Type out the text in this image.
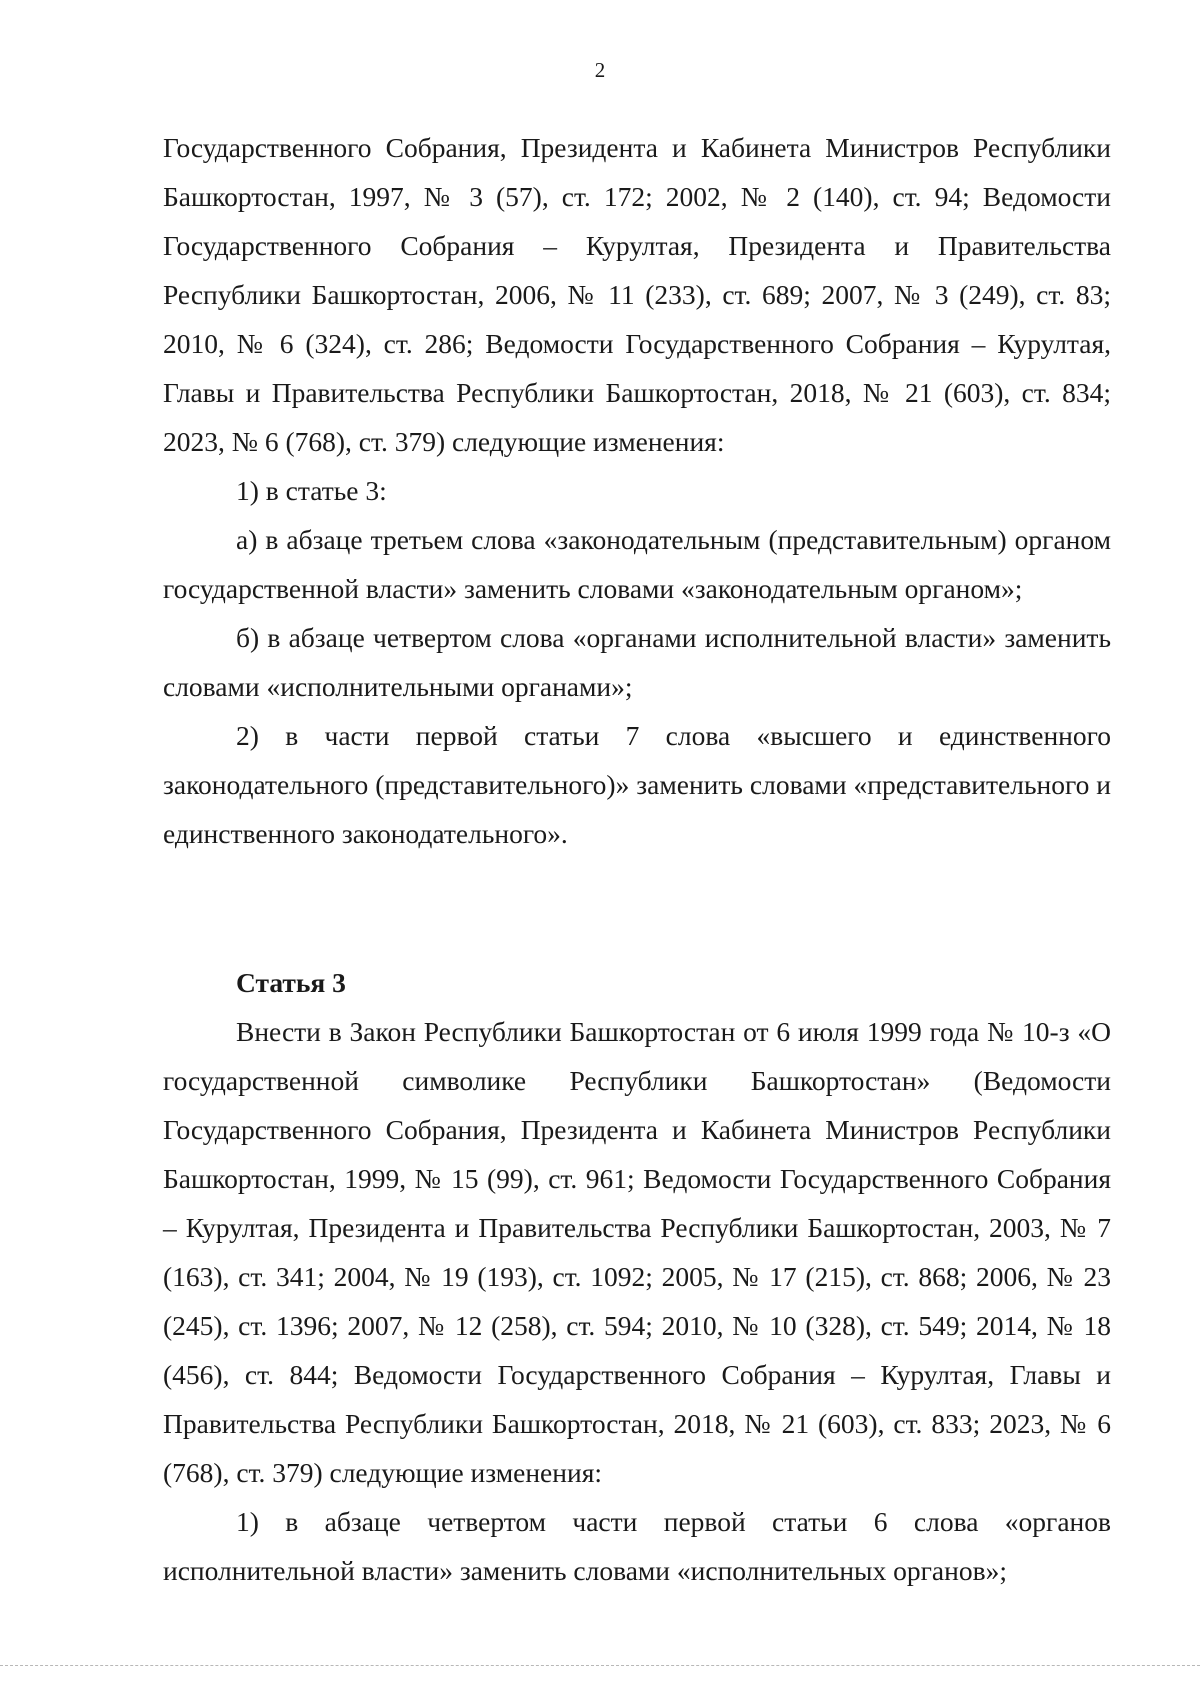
2

Государственного Собрания, Президента и Кабинета Министров Республики Башкортостан, 1997, № 3 (57), ст. 172; 2002, № 2 (140), ст. 94; Ведомости Государственного Собрания – Курултая, Президента и Правительства Республики Башкортостан, 2006, № 11 (233), ст. 689; 2007, № 3 (249), ст. 83; 2010, № 6 (324), ст. 286; Ведомости Государственного Собрания – Курултая, Главы и Правительства Республики Башкортостан, 2018, № 21 (603), ст. 834; 2023, № 6 (768), ст. 379) следующие изменения:

1) в статье 3:

а) в абзаце третьем слова «законодательным (представительным) органом государственной власти» заменить словами «законодательным органом»;

б) в абзаце четвертом слова «органами исполнительной власти» заменить словами «исполнительными органами»;

2) в части первой статьи 7 слова «высшего и единственного законодательного (представительного)» заменить словами «представительного и единственного законодательного».

Статья 3

Внести в Закон Республики Башкортостан от 6 июля 1999 года № 10-з «О государственной символике Республики Башкортостан» (Ведомости Государственного Собрания, Президента и Кабинета Министров Республики Башкортостан, 1999, № 15 (99), ст. 961; Ведомости Государственного Собрания – Курултая, Президента и Правительства Республики Башкортостан, 2003, № 7 (163), ст. 341; 2004, № 19 (193), ст. 1092; 2005, № 17 (215), ст. 868; 2006, № 23 (245), ст. 1396; 2007, № 12 (258), ст. 594; 2010, № 10 (328), ст. 549; 2014, № 18 (456), ст. 844; Ведомости Государственного Собрания – Курултая, Главы и Правительства Республики Башкортостан, 2018, № 21 (603), ст. 833; 2023, № 6 (768), ст. 379) следующие изменения:

1) в абзаце четвертом части первой статьи 6 слова «органов исполнительной власти» заменить словами «исполнительных органов»;
